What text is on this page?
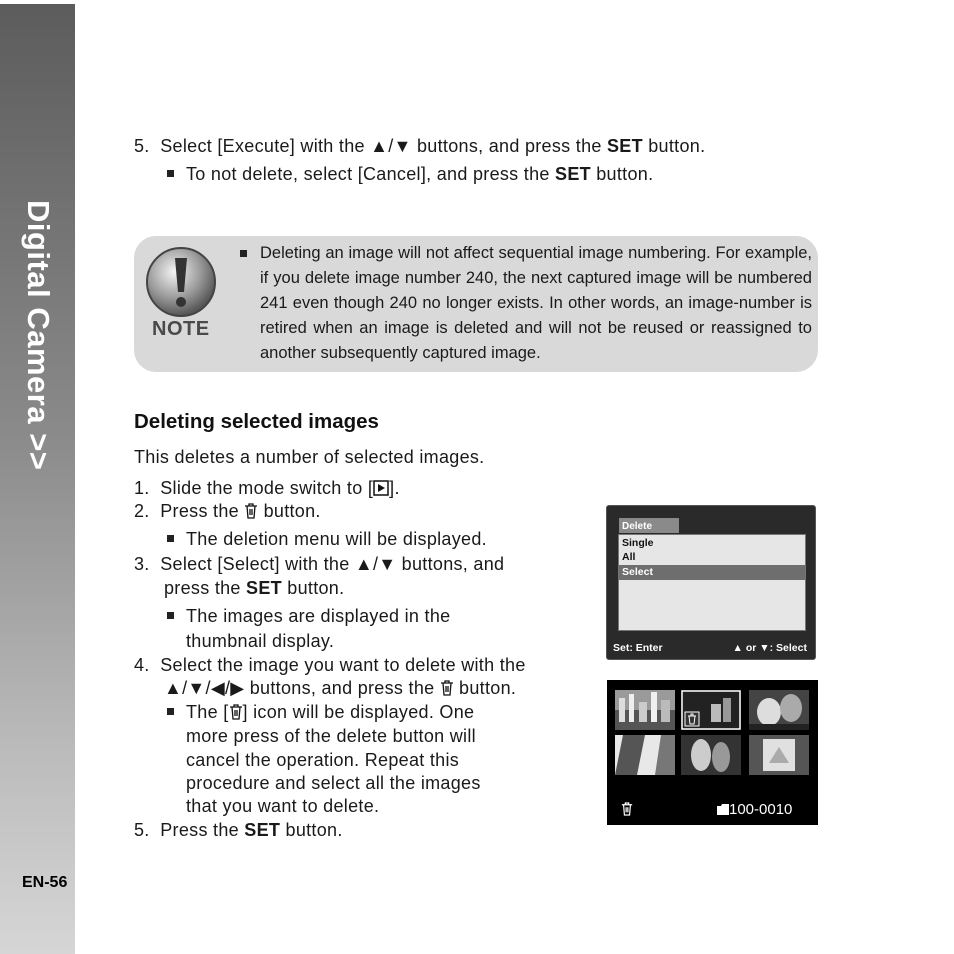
Digital Camera >>
EN-56
5. Select [Execute] with the ▲/▼ buttons, and press the SET button.
To not delete, select [Cancel], and press the SET button.
NOTE
Deleting an image will not affect sequential image numbering. For example, if you delete image number 240, the next captured image will be numbered 241 even though 240 no longer exists. In other words, an image-number is retired when an image is deleted and will not be reused or reassigned to another subsequently captured image.
Deleting selected images
This deletes a number of selected images.
1. Slide the mode switch to [ ].
2. Press the  button.
The deletion menu will be displayed.
3. Select [Select] with the ▲/▼ buttons, and
press the SET button.
The images are displayed in the
thumbnail display.
4. Select the image you want to delete with the
▲/▼/◀/▶ buttons, and press the  button.
The [ ] icon will be displayed. One
more press of the delete button will
cancel the operation. Repeat this
procedure and select all the images
that you want to delete.
5. Press the SET button.
Delete
Single
All
Select
Set: Enter	▲ or ▼: Select
100-0010
